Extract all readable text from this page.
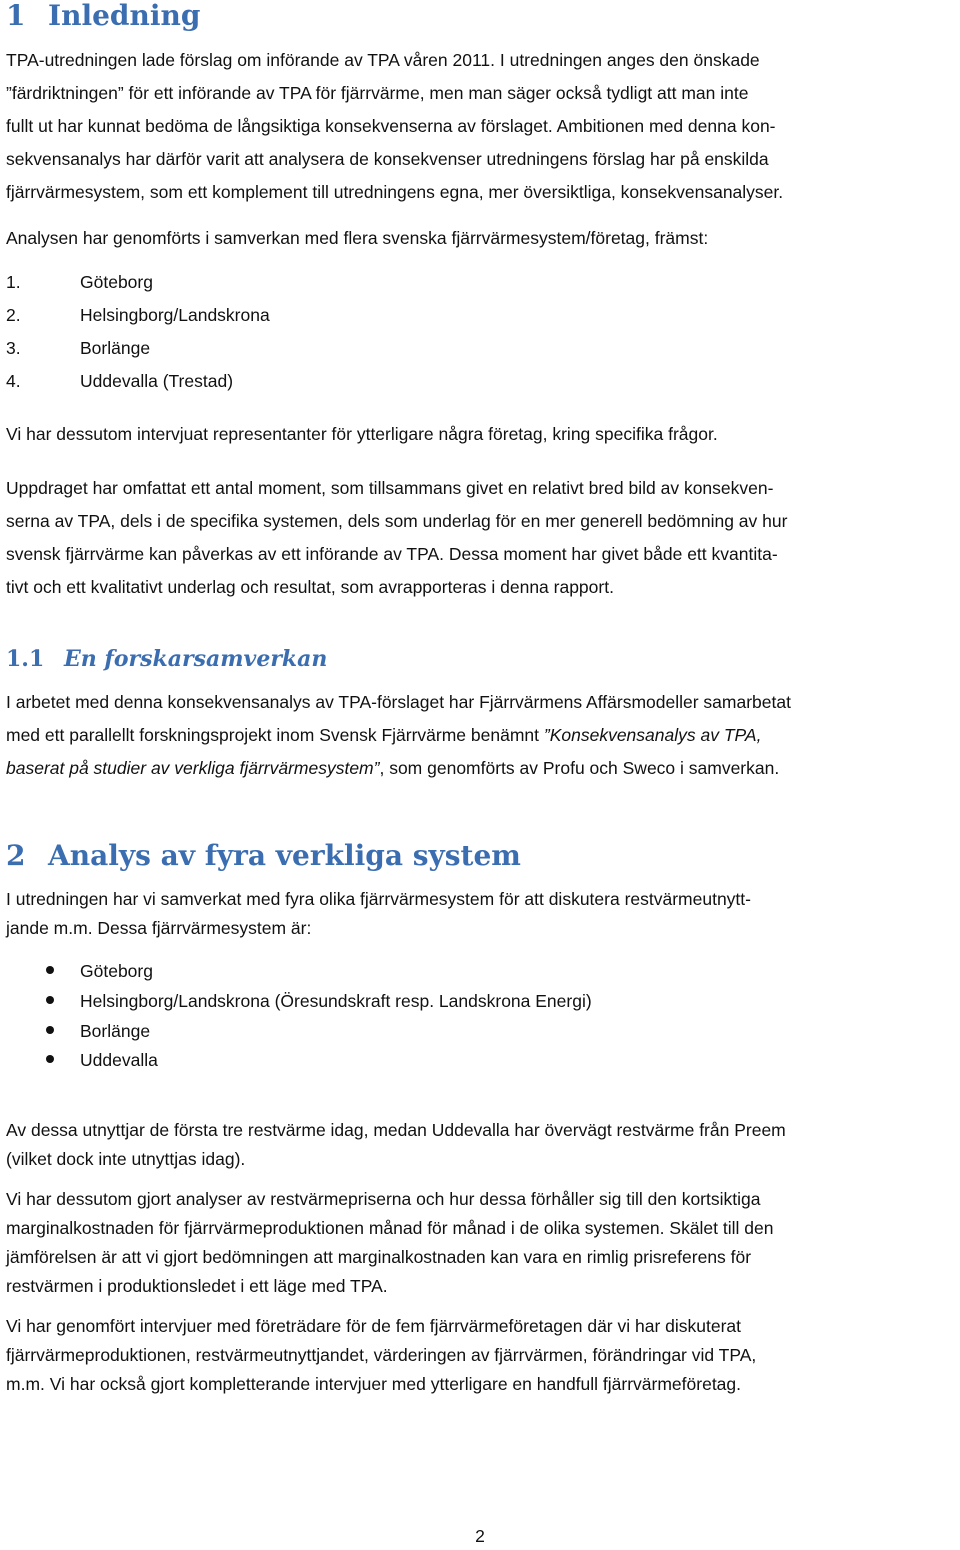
1 Inledning
TPA-utredningen lade förslag om införande av TPA våren 2011. I utredningen anges den önskade
”färdriktningen” för ett införande av TPA för fjärrvärme, men man säger också tydligt att man inte
fullt ut har kunnat bedöma de långsiktiga konsekvenserna av förslaget. Ambitionen med denna kon-
sekvensanalys har därför varit att analysera de konsekvenser utredningens förslag har på enskilda
fjärrvärmesystem, som ett komplement till utredningens egna, mer översiktliga, konsekvensanalyser.

Analysen har genomförts i samverkan med flera svenska fjärrvärmesystem/företag, främst:

1.	Göteborg
2.	Helsingborg/Landskrona
3.	Borlänge
4.	Uddevalla (Trestad)

Vi har dessutom intervjuat representanter för ytterligare några företag, kring specifika frågor.

Uppdraget har omfattat ett antal moment, som tillsammans givet en relativt bred bild av konsekven-
serna av TPA, dels i de specifika systemen, dels som underlag för en mer generell bedömning av hur
svensk fjärrvärme kan påverkas av ett införande av TPA. Dessa moment har givet både ett kvantita-
tivt och ett kvalitativt underlag och resultat, som avrapporteras i denna rapport.
1.1 En forskarsamverkan
I arbetet med denna konsekvensanalys av TPA-förslaget har Fjärrvärmens Affärsmodeller samarbetat
med ett parallellt forskningsprojekt inom Svensk Fjärrvärme benämnt ”Konsekvensanalys av TPA,
baserat på studier av verkliga fjärrvärmesystem”, som genomförts av Profu och Sweco i samverkan.
2 Analys av fyra verkliga system
I utredningen har vi samverkat med fyra olika fjärrvärmesystem för att diskutera restvärmeutnytt-
jande m.m. Dessa fjärrvärmesystem är:
Göteborg
Helsingborg/Landskrona (Öresundskraft resp. Landskrona Energi)
Borlänge
Uddevalla
Av dessa utnyttjar de första tre restvärme idag, medan Uddevalla har övervägt restvärme från Preem
(vilket dock inte utnyttjas idag).
Vi har dessutom gjort analyser av restvärmepriserna och hur dessa förhåller sig till den kortsiktiga
marginalkostnaden för fjärrvärmeproduktionen månad för månad i de olika systemen. Skälet till den
jämförelsen är att vi gjort bedömningen att marginalkostnaden kan vara en rimlig prisreferens för
restvärmen i produktionsledet i ett läge med TPA.
Vi har genomfört intervjuer med företrädare för de fem fjärrvärmeföretagen där vi har diskuterat
fjärrvärmeproduktionen, restvärmeutnyttjandet, värderingen av fjärrvärmen, förändringar vid TPA,
m.m. Vi har också gjort kompletterande intervjuer med ytterligare en handfull fjärrvärmeföretag.
2
